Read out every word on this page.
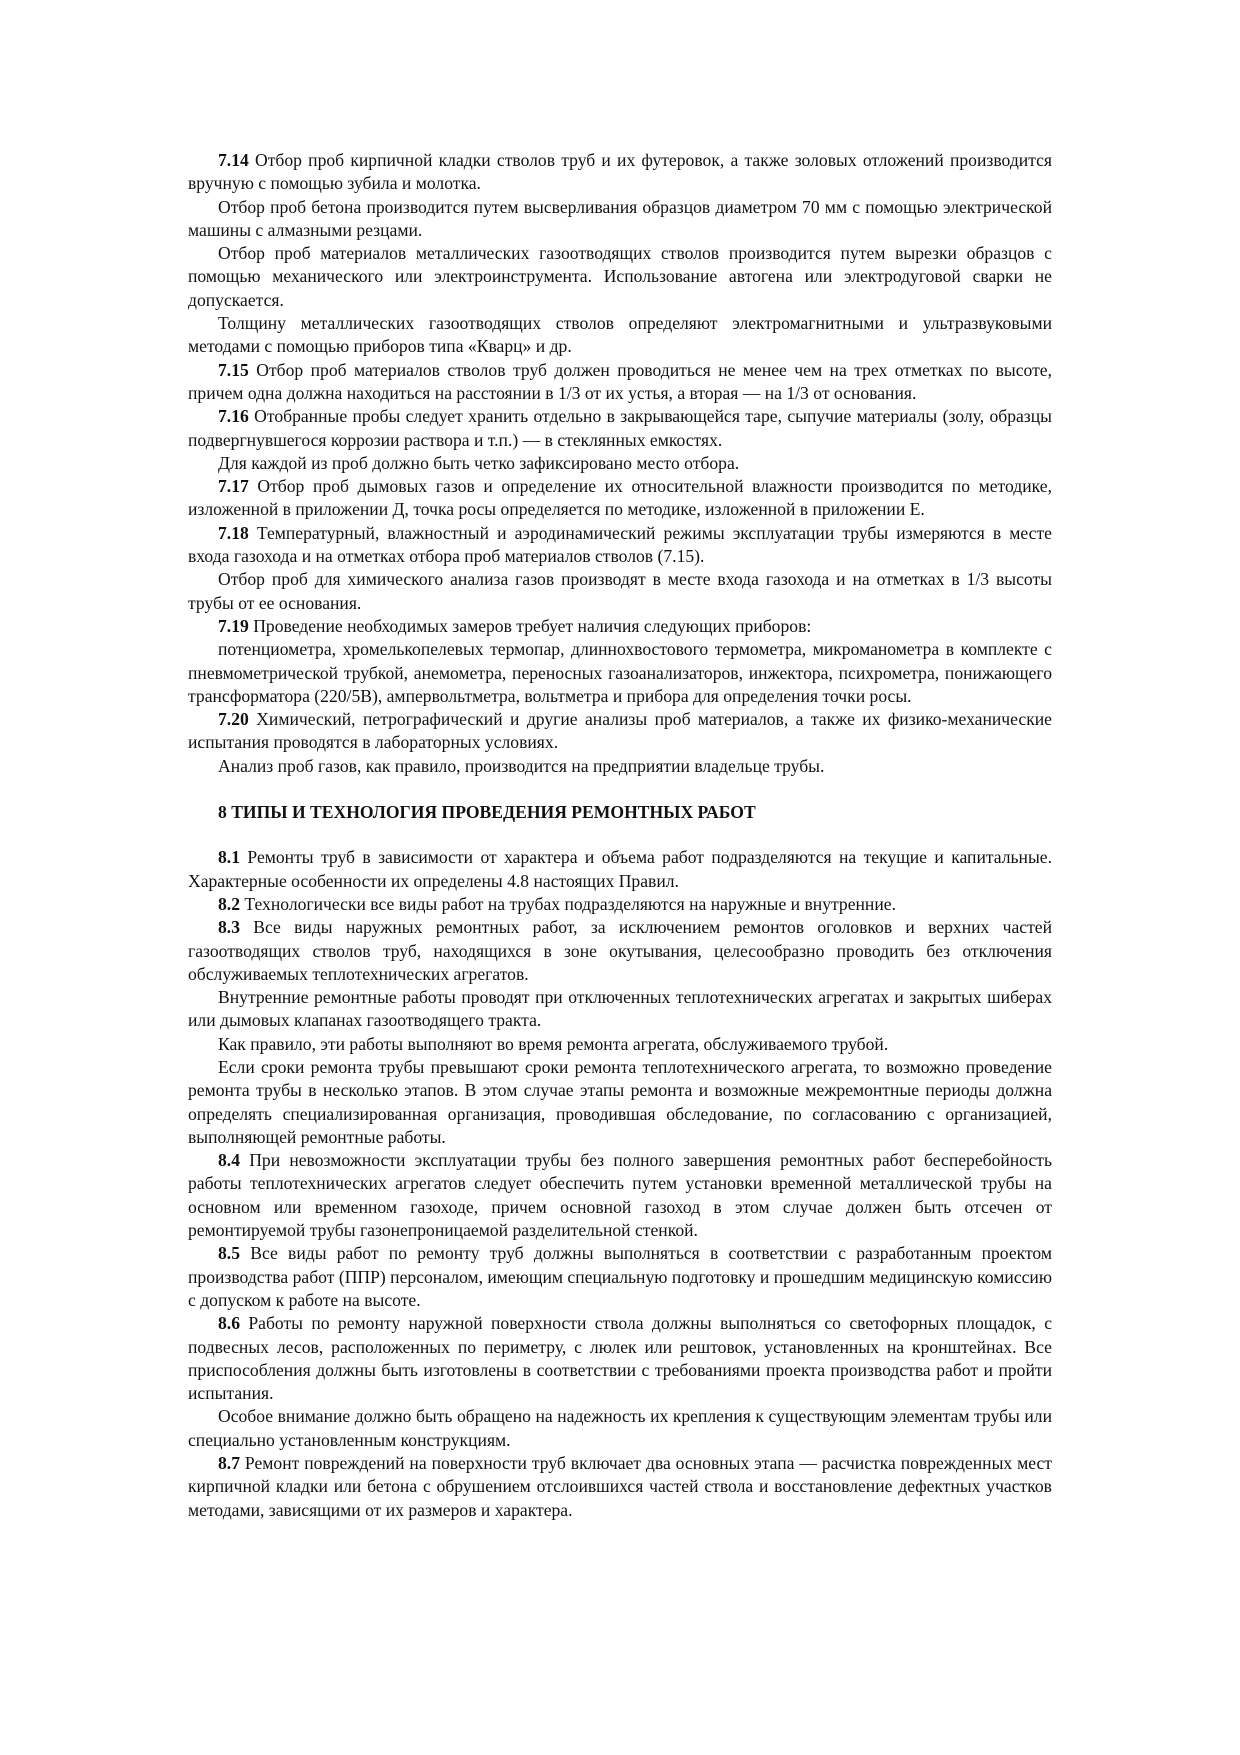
7.14 Отбор проб кирпичной кладки стволов труб и их футеровок, а также золовых отложений производится вручную с помощью зубила и молотка.

Отбор проб бетона производится путем высверливания образцов диаметром 70 мм с помощью электрической машины с алмазными резцами.

Отбор проб материалов металлических газоотводящих стволов производится путем вырезки образцов с помощью механического или электроинструмента. Использование автогена или электродуговой сварки не допускается.

Толщину металлических газоотводящих стволов определяют электромагнитными и ультразвуковыми методами с помощью приборов типа «Кварц» и др.

7.15 Отбор проб материалов стволов труб должен проводиться не менее чем на трех отметках по высоте, причем одна должна находиться на расстоянии в 1/3 от их устья, а вторая — на 1/3 от основания.

7.16 Отобранные пробы следует хранить отдельно в закрывающейся таре, сыпучие материалы (золу, образцы подвергнувшегося коррозии раствора и т.п.) — в стеклянных емкостях.

Для каждой из проб должно быть четко зафиксировано место отбора.

7.17 Отбор проб дымовых газов и определение их относительной влажности производится по методике, изложенной в приложении Д, точка росы определяется по методике, изложенной в приложении Е.

7.18 Температурный, влажностный и аэродинамический режимы эксплуатации трубы измеряются в месте входа газохода и на отметках отбора проб материалов стволов (7.15).

Отбор проб для химического анализа газов производят в месте входа газохода и на отметках в 1/3 высоты трубы от ее основания.

7.19 Проведение необходимых замеров требует наличия следующих приборов:

потенциометра, хромелькопелевых термопар, длиннохвостового термометра, микроманометра в комплекте с пневмометрической трубкой, анемометра, переносных газоанализаторов, инжектора, психрометра, понижающего трансформатора (220/5В), ампервольтметра, вольтметра и прибора для определения точки росы.

7.20 Химический, петрографический и другие анализы проб материалов, а также их физико-механические испытания проводятся в лабораторных условиях.

Анализ проб газов, как правило, производится на предприятии владельце трубы.

8 ТИПЫ И ТЕХНОЛОГИЯ ПРОВЕДЕНИЯ РЕМОНТНЫХ РАБОТ

8.1 Ремонты труб в зависимости от характера и объема работ подразделяются на текущие и капитальные. Характерные особенности их определены 4.8 настоящих Правил.

8.2 Технологически все виды работ на трубах подразделяются на наружные и внутренние.

8.3 Все виды наружных ремонтных работ, за исключением ремонтов оголовков и верхних частей газоотводящих стволов труб, находящихся в зоне окутывания, целесообразно проводить без отключения обслуживаемых теплотехнических агрегатов.

Внутренние ремонтные работы проводят при отключенных теплотехнических агрегатах и закрытых шиберах или дымовых клапанах газоотводящего тракта.

Как правило, эти работы выполняют во время ремонта агрегата, обслуживаемого трубой.

Если сроки ремонта трубы превышают сроки ремонта теплотехнического агрегата, то возможно проведение ремонта трубы в несколько этапов. В этом случае этапы ремонта и возможные межремонтные периоды должна определять специализированная организация, проводившая обследование, по согласованию с организацией, выполняющей ремонтные работы.

8.4 При невозможности эксплуатации трубы без полного завершения ремонтных работ бесперебойность работы теплотехнических агрегатов следует обеспечить путем установки временной металлической трубы на основном или временном газоходе, причем основной газоход в этом случае должен быть отсечен от ремонтируемой трубы газонепроницаемой разделительной стенкой.

8.5 Все виды работ по ремонту труб должны выполняться в соответствии с разработанным проектом производства работ (ППР) персоналом, имеющим специальную подготовку и прошедшим медицинскую комиссию с допуском к работе на высоте.

8.6 Работы по ремонту наружной поверхности ствола должны выполняться со светофорных площадок, с подвесных лесов, расположенных по периметру, с люлек или рештовок, установленных на кронштейнах. Все приспособления должны быть изготовлены в соответствии с требованиями проекта производства работ и пройти испытания.

Особое внимание должно быть обращено на надежность их крепления к существующим элементам трубы или специально установленным конструкциям.

8.7 Ремонт повреждений на поверхности труб включает два основных этапа — расчистка поврежденных мест кирпичной кладки или бетона с обрушением отслоившихся частей ствола и восстановление дефектных участков методами, зависящими от их размеров и характера.
